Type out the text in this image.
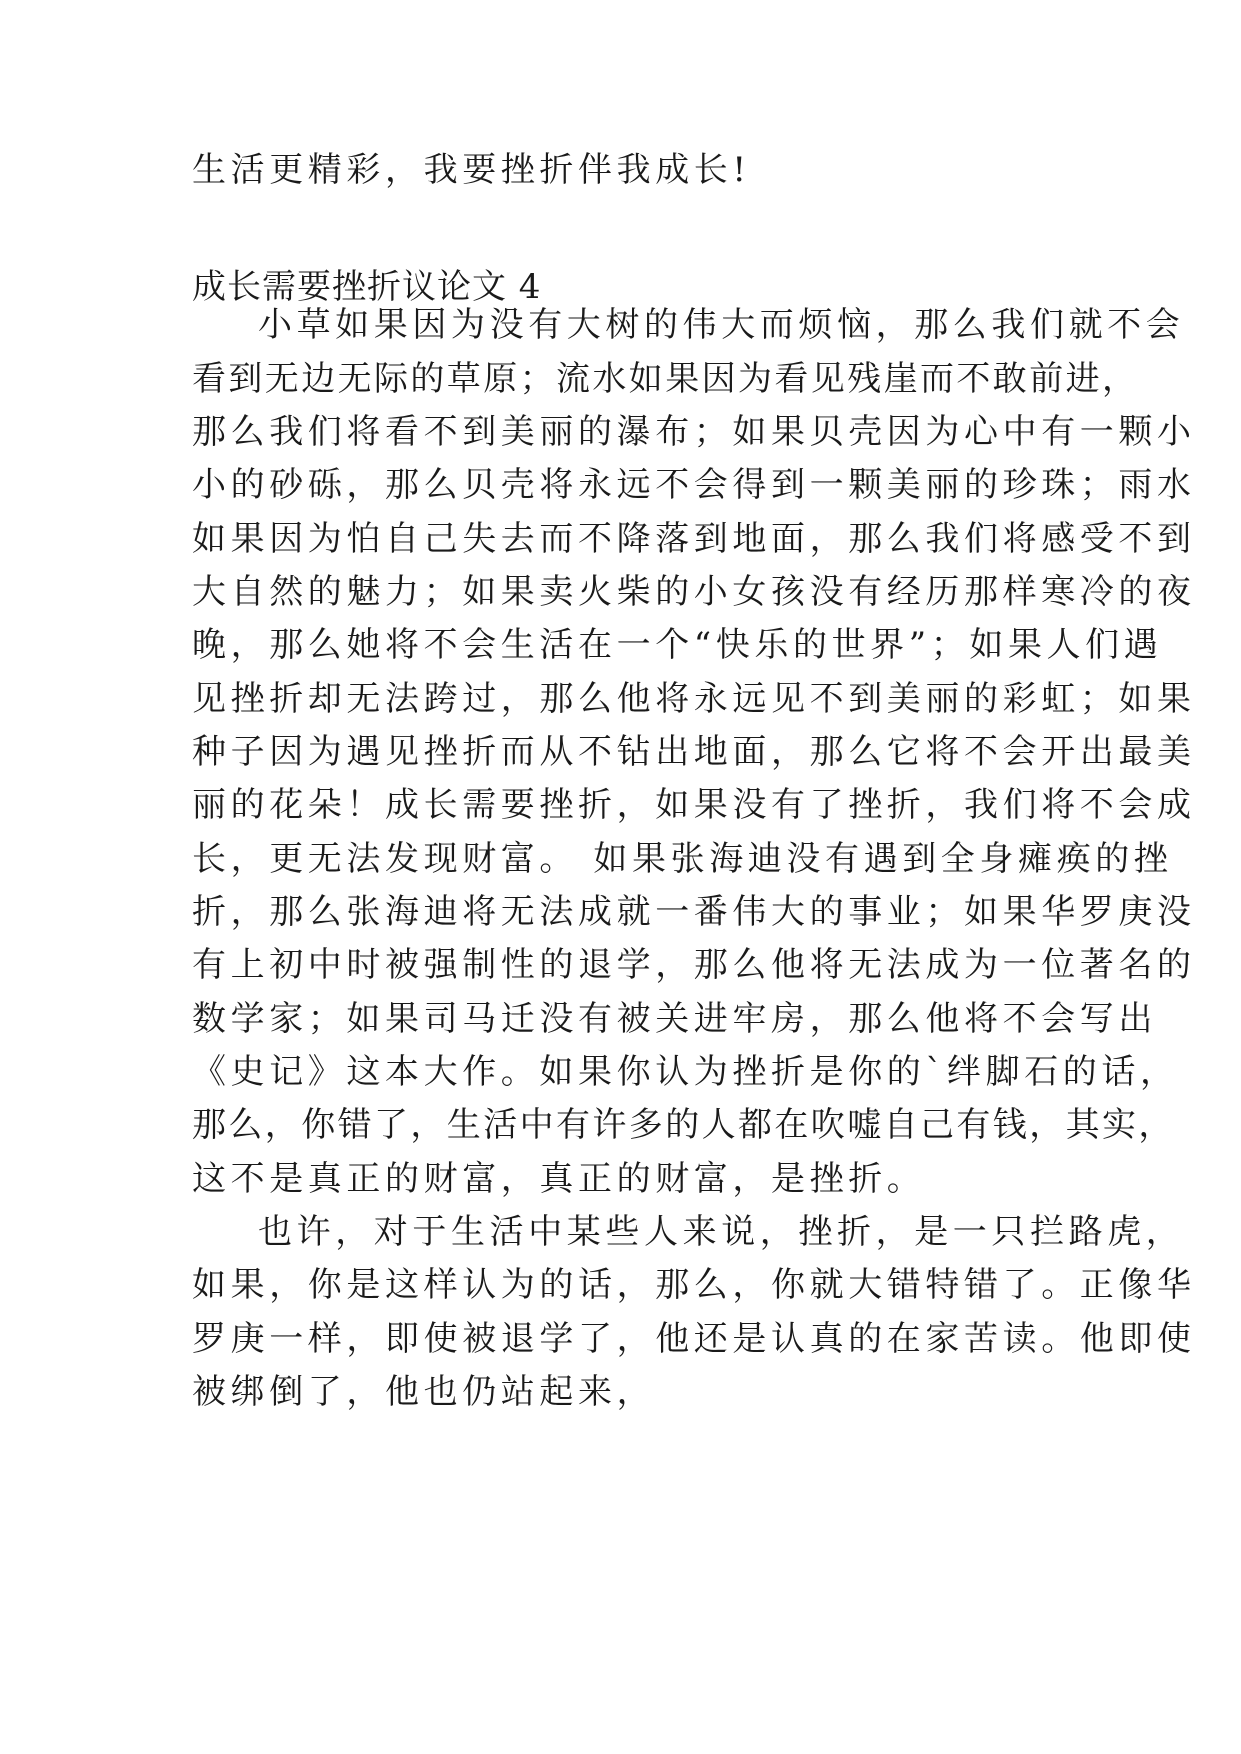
生活更精彩，我要挫折伴我成长!
成长需要挫折议论文 4
小草如果因为没有大树的伟大而烦恼，那么我们就不会
看到无边无际的草原；流水如果因为看见残崖而不敢前进，
那么我们将看不到美丽的瀑布；如果贝壳因为心中有一颗小
小的砂砾，那么贝壳将永远不会得到一颗美丽的珍珠；雨水
如果因为怕自己失去而不降落到地面，那么我们将感受不到
大自然的魅力；如果卖火柴的小女孩没有经历那样寒冷的夜
晚，那么她将不会生活在一个“快乐的世界”；如果人们遇
见挫折却无法跨过，那么他将永远见不到美丽的彩虹；如果
种子因为遇见挫折而从不钻出地面，那么它将不会开出最美
丽的花朵！成长需要挫折，如果没有了挫折，我们将不会成
长，更无法发现财富。 如果张海迪没有遇到全身瘫痪的挫
折，那么张海迪将无法成就一番伟大的事业；如果华罗庚没
有上初中时被强制性的退学，那么他将无法成为一位著名的
数学家；如果司马迁没有被关进牢房，那么他将不会写出
《史记》这本大作。如果你认为挫折是你的`绊脚石的话，
那么，你错了，生活中有许多的人都在吹嘘自己有钱，其实，
这不是真正的财富，真正的财富，是挫折。
也许，对于生活中某些人来说，挫折，是一只拦路虎，
如果，你是这样认为的话，那么，你就大错特错了。正像华
罗庚一样，即使被退学了，他还是认真的在家苦读。他即使
被绑倒了，他也仍站起来，
